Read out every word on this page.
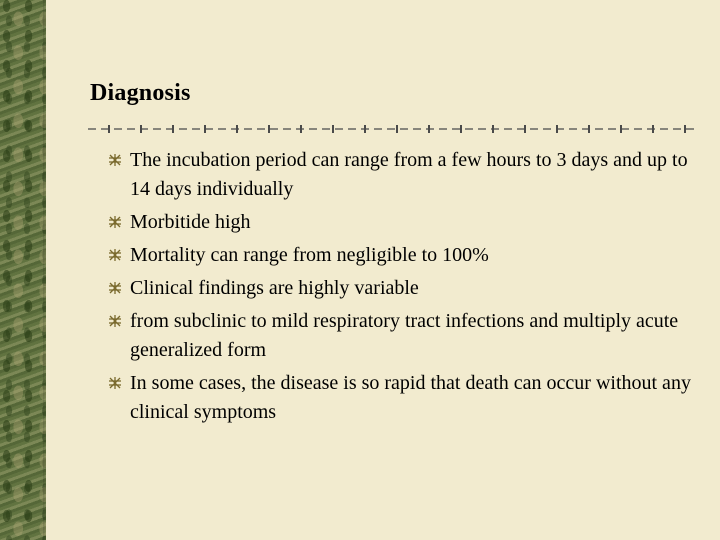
Diagnosis
The incubation period can range from a few hours to 3 days and up to 14 days individually
Morbitide high
Mortality can range from negligible to 100%
Clinical findings are highly variable
from subclinic to mild respiratory tract infections and multiply acute generalized form
In some cases, the disease is so rapid that death can occur without any clinical symptoms
